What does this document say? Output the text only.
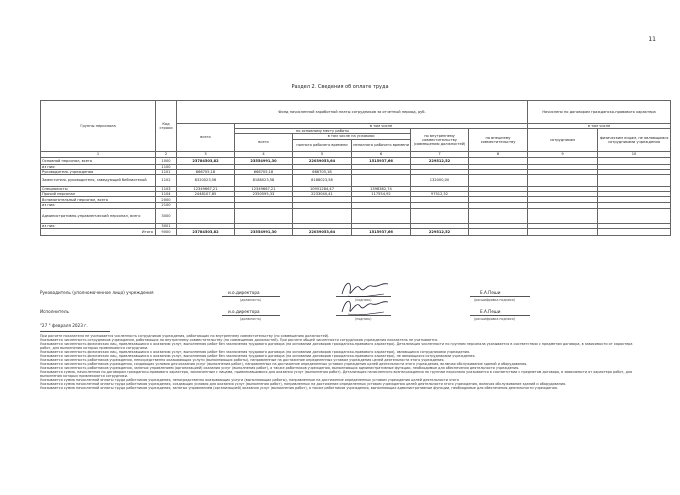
11
Раздел 2. Сведения об оплате труда
Группы персонала	Код строки	Фонд начисленной заработной платы сотрудников за отчетный период, руб.						Начислено по договорам гражданско-правового характера	
		всего	в том числе					в том числе	
			по основному месту работы			по внутреннему совместительству (совмещению должностей)	по внешнему совместительству	сотрудникам	физическим лицам, не являющимся сотрудниками учреждения
			всего	в том числе на условиях:					
				полного рабочего времени	неполного рабочего времени				
1	2	3	4	5	6	7	8	9	10
Основной персонал, всего	1000	23784503,82	23554991,30	22039053,64	1515937,66	229512,52			
из них:	1100								
Руководитель учреждения	1101	666705,18	666705,18	666705,18					
Заместитель руководителя, заведующий библиотекой	1102	8320023,58	8188023,58	8188023,58		132000,00			
Специалисты	1103	12349667,21	12349667,21	10951284,47	1398382,74				
Прочий персонал	1104	2448107,85	2350595,33	2233040,41	117554,92	97512,52			
Вспомогательный персонал, всего	2000								
из них:	2100								
Административно-управленческий персонал, всего	3000								
из них:	3001								
Итого	9000	23784503,82	23554991,30	22039053,64	1515937,66	229512,52			
Руководитель (уполномоченное лицо) учреждения	и.о.директора
(должность)	(подпись)
Е.А.Пеши
(расшифровка подписи)
Исполнитель	и.о.директора
(должность)	(подпись)
Е.А.Пеши
(расшифровка подписи)
"27 " февраля 2023 г.
При расчете показателя не учитывается численность сотрудников учреждения, работающих по внутреннему совместительству (по совмещению должностей).
Указывается численность сотрудников учреждения, работающих по внутреннему совместительству (по совмещению должностей). При расчете общей численности сотрудников учреждения показатель не учитывается.
Указывается численность физических лиц, привлекавшихся к оказанию услуг, выполнению работ без заключения трудового договора (на основании договоров гражданско-правового характера). Детализация численности по группам персонала указывается в соответствии с предметом договора, в зависимости от характера работ, для выполнения которых привлекаются сотрудники.
Указывается численность физических лиц, привлекавшихся к оказанию услуг, выполнению работ без заключения трудового договора (на основании договоров гражданско-правового характера), являющихся сотрудниками учреждения.
Указывается численность физических лиц, привлекавшихся к оказанию услуг, выполнению работ без заключения трудового договора (на основании договоров гражданско-правового характера), не являющихся сотрудниками учреждения.
Указывается численность работников учреждения, непосредственно оказывающих услуги (выполняющих работы), направленные на достижение определенных уставом учреждения целей деятельности этого учреждения.
Указывается численность работников учреждения, создающих условия для оказания услуг (выполнения работ), направленных на достижение определенных уставом учреждения целей деятельности этого учреждения, включая обслуживание зданий и оборудования.
Указывается численность работников учреждения, занятых управлением (организацией) оказания услуг (выполнения работ), а также работников учреждения, выполняющих административные функции, необходимые для обеспечения деятельности учреждения.
Указывается сумма, начисленная по договорам гражданско-правового характера, заключенным с лицами, привлекавшимися для оказания услуг (выполнения работ). Детализация начисленного вознаграждения по группам персонала указывается в соответствии с предметом договора, в зависимости от характера работ, для выполнения которых привлекаются сотрудники.
Указывается сумма начисленной оплаты труда работников учреждения, непосредственно оказывающих услуги (выполняющих работы), направленные на достижение определенных уставом учреждения целей деятельности этого
Указывается сумма начисленной оплаты труда работников учреждения, создающих условия для оказания услуг (выполнения работ), направленных на достижение определенных уставом учреждения целей деятельности этого учреждения, включая обслуживание зданий и оборудования.
Указывается сумма начисленной оплаты труда работников учреждения, занятых управлением (организацией) оказания услуг (выполнения работ), а также работников учреждения, выполняющих административные функции, необходимые для обеспечения деятельности учреждения.
